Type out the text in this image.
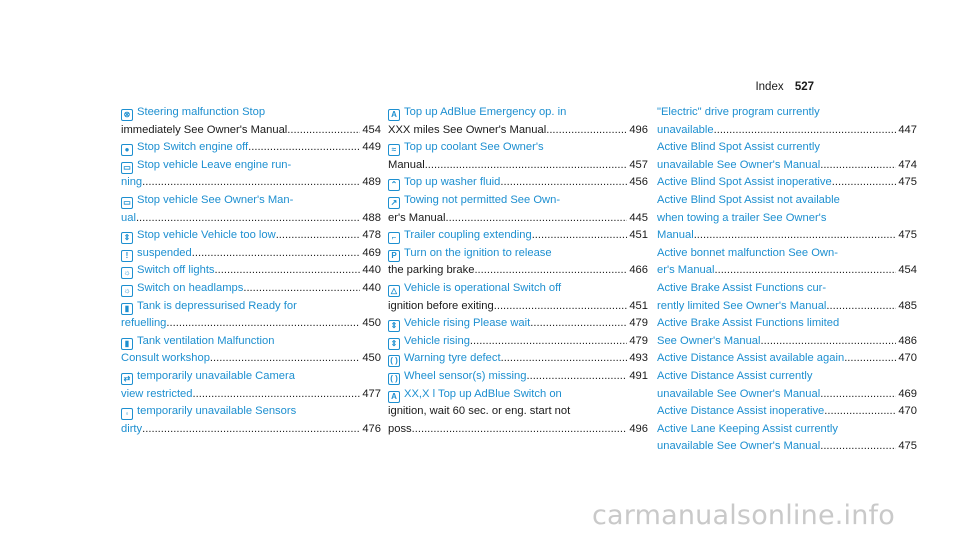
Index 527
⊗ Steering malfunction Stop
immediately See Owner's Manual .....	454
● Stop Switch engine off .....	449
▭ Stop vehicle Leave engine run-
ning .....	489
▭ Stop vehicle See Owner's Man-
ual .....	488
⇕ Stop vehicle Vehicle too low .....	478
! suspended .....	469
☼ Switch off lights .....	440
☼ Switch on headlamps .....	440
▮ Tank is depressurised Ready for
refuelling .....	450
▮ Tank ventilation Malfunction
Consult workshop .....	450
⇄ temporarily unavailable Camera
view restricted .....	477
◦ temporarily unavailable Sensors
dirty .....	476
A Top up AdBlue Emergency op. in
XXX miles See Owner's Manual .....	496
≈ Top up coolant See Owner's
Manual .....	457
⌃ Top up washer fluid .....	456
↗ Towing not permitted See Own-
er's Manual .....	445
⌐ Trailer coupling extending .....	451
P Turn on the ignition to release
the parking brake .....	466
△ Vehicle is operational Switch off
ignition before exiting .....	451
⇕ Vehicle rising Please wait .....	479
⇕ Vehicle rising .....	479
( ) Warning tyre defect .....	493
( ) Wheel sensor(s) missing .....	491
A XX,X l Top up AdBlue Switch on
ignition, wait 60 sec. or eng. start not
poss. .....	496
"Electric" drive program currently
unavailable .....	447
Active Blind Spot Assist currently
unavailable See Owner's Manual .....	474
Active Blind Spot Assist inoperative .....	475
Active Blind Spot Assist not available
when towing a trailer See Owner's
Manual .....	475
Active bonnet malfunction See Own-
er's Manual .....	454
Active Brake Assist Functions cur-
rently limited See Owner's Manual .....	485
Active Brake Assist Functions limited
See Owner's Manual .....	486
Active Distance Assist available again .....	470
Active Distance Assist currently
unavailable See Owner's Manual .....	469
Active Distance Assist inoperative .....	470
Active Lane Keeping Assist currently
unavailable See Owner's Manual .....	475
carmanualsonline.info
